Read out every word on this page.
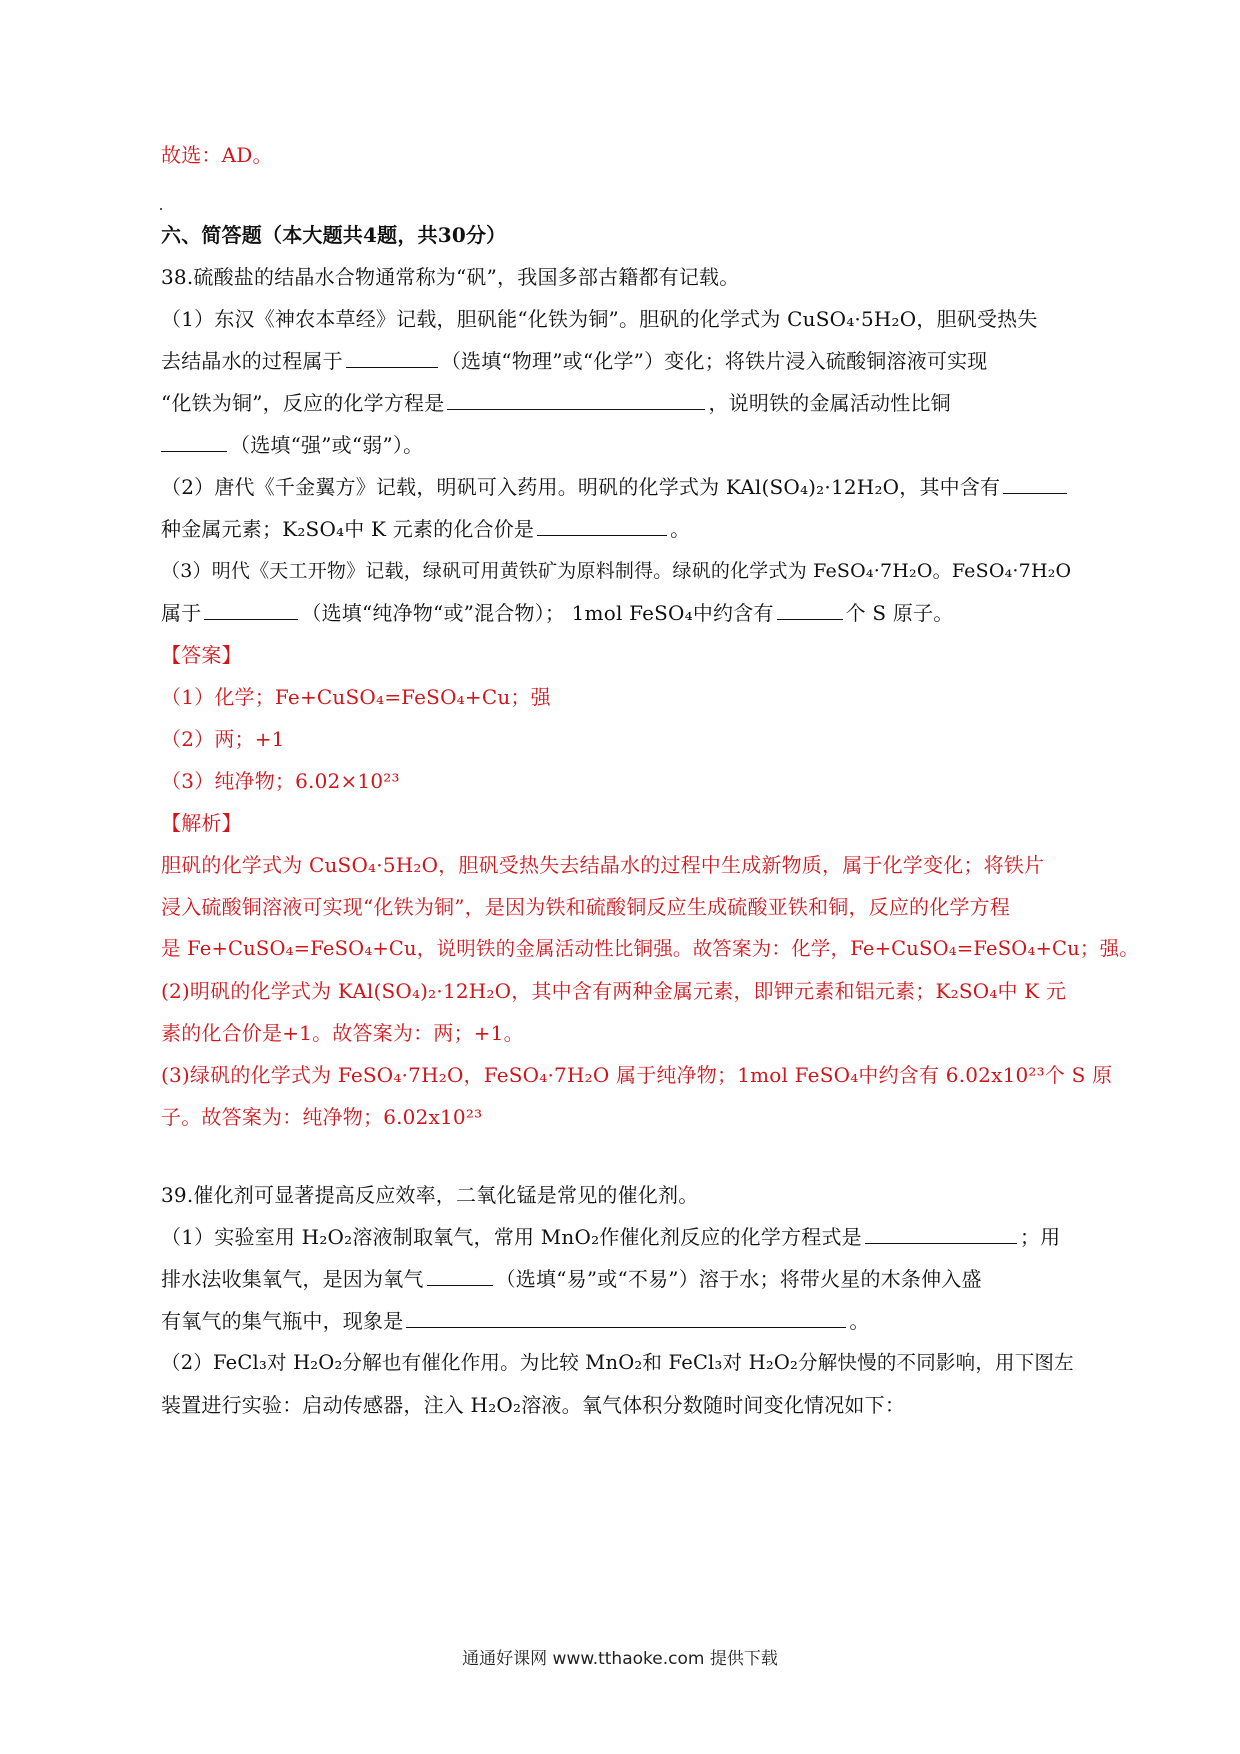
故选：AD。
六、简答题（本大题共4题，共30分）
38.硫酸盐的结晶水合物通常称为“矾”，我国多部古籍都有记载。
（1）东汉《神农本草经》记载，胆矾能“化铁为铜”。胆矾的化学式为 CuSO₄·5H₂O，胆矾受热失
去结晶水的过程属于	（选填“物理”或“化学”）变化；将铁片浸入硫酸铜溶液可实现
“化铁为铜”，反应的化学方程是	，说明铁的金属活动性比铜
（选填“强”或“弱”）。
（2）唐代《千金翼方》记载，明矾可入药用。明矾的化学式为 KAl(SO₄)₂·12H₂O，其中含有
种金属元素；K₂SO₄中 K 元素的化合价是	。
（3）明代《天工开物》记载，绿矾可用黄铁矿为原料制得。绿矾的化学式为 FeSO₄·7H₂O。FeSO₄·7H₂O
属于	（选填“纯净物“或”混合物）； 1mol FeSO₄中约含有	个 S 原子。
【答案】
（1）化学；Fe+CuSO₄=FeSO₄+Cu；强
（2）两；+1
（3）纯净物；6.02×10²³
【解析】
胆矾的化学式为 CuSO₄·5H₂O，胆矾受热失去结晶水的过程中生成新物质，属于化学变化；将铁片
浸入硫酸铜溶液可实现“化铁为铜”，是因为铁和硫酸铜反应生成硫酸亚铁和铜，反应的化学方程
是 Fe+CuSO₄=FeSO₄+Cu，说明铁的金属活动性比铜强。故答案为：化学，Fe+CuSO₄=FeSO₄+Cu；强。
(2)明矾的化学式为 KAl(SO₄)₂·12H₂O，其中含有两种金属元素，即钾元素和铝元素；K₂SO₄中 K 元
素的化合价是+1。故答案为：两；+1。
(3)绿矾的化学式为 FeSO₄·7H₂O，FeSO₄·7H₂O 属于纯净物；1mol FeSO₄中约含有 6.02x10²³个 S 原
子。故答案为：纯净物；6.02x10²³
39.催化剂可显著提高反应效率，二氧化锰是常见的催化剂。
（1）实验室用 H₂O₂溶液制取氧气，常用 MnO₂作催化剂反应的化学方程式是	；用
排水法收集氧气，是因为氧气	（选填“易”或“不易”）溶于水；将带火星的木条伸入盛
有氧气的集气瓶中，现象是	。
（2）FeCl₃对 H₂O₂分解也有催化作用。为比较 MnO₂和 FeCl₃对 H₂O₂分解快慢的不同影响，用下图左
装置进行实验：启动传感器，注入 H₂O₂溶液。氧气体积分数随时间变化情况如下：
通通好课网 www.tthaoke.com 提供下载
